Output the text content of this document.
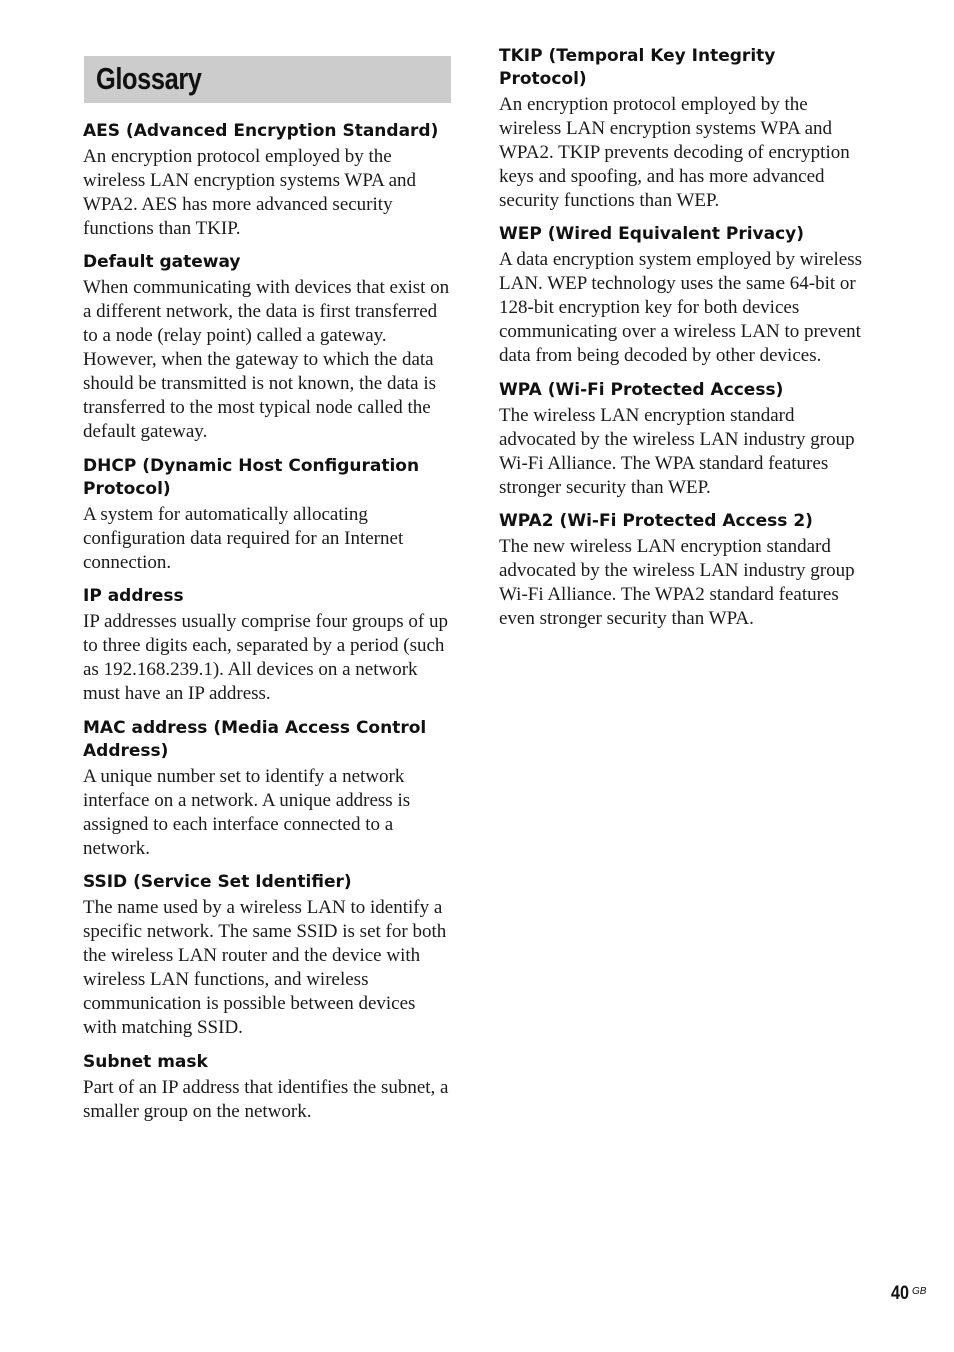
Glossary
AES (Advanced Encryption Standard)
An encryption protocol employed by the
wireless LAN encryption systems WPA and
WPA2. AES has more advanced security
functions than TKIP.
Default gateway
When communicating with devices that exist on
a different network, the data is first transferred
to a node (relay point) called a gateway.
However, when the gateway to which the data
should be transmitted is not known, the data is
transferred to the most typical node called the
default gateway.
DHCP (Dynamic Host Configuration
Protocol)
A system for automatically allocating
configuration data required for an Internet
connection.
IP address
IP addresses usually comprise four groups of up
to three digits each, separated by a period (such
as 192.168.239.1). All devices on a network
must have an IP address.
MAC address (Media Access Control
Address)
A unique number set to identify a network
interface on a network. A unique address is
assigned to each interface connected to a
network.
SSID (Service Set Identifier)
The name used by a wireless LAN to identify a
specific network. The same SSID is set for both
the wireless LAN router and the device with
wireless LAN functions, and wireless
communication is possible between devices
with matching SSID.
Subnet mask
Part of an IP address that identifies the subnet, a
smaller group on the network.
TKIP (Temporal Key Integrity
Protocol)
An encryption protocol employed by the
wireless LAN encryption systems WPA and
WPA2. TKIP prevents decoding of encryption
keys and spoofing, and has more advanced
security functions than WEP.
WEP (Wired Equivalent Privacy)
A data encryption system employed by wireless
LAN. WEP technology uses the same 64-bit or
128-bit encryption key for both devices
communicating over a wireless LAN to prevent
data from being decoded by other devices.
WPA (Wi-Fi Protected Access)
The wireless LAN encryption standard
advocated by the wireless LAN industry group
Wi-Fi Alliance. The WPA standard features
stronger security than WEP.
WPA2 (Wi-Fi Protected Access 2)
The new wireless LAN encryption standard
advocated by the wireless LAN industry group
Wi-Fi Alliance. The WPA2 standard features
even stronger security than WPA.
40 GB
